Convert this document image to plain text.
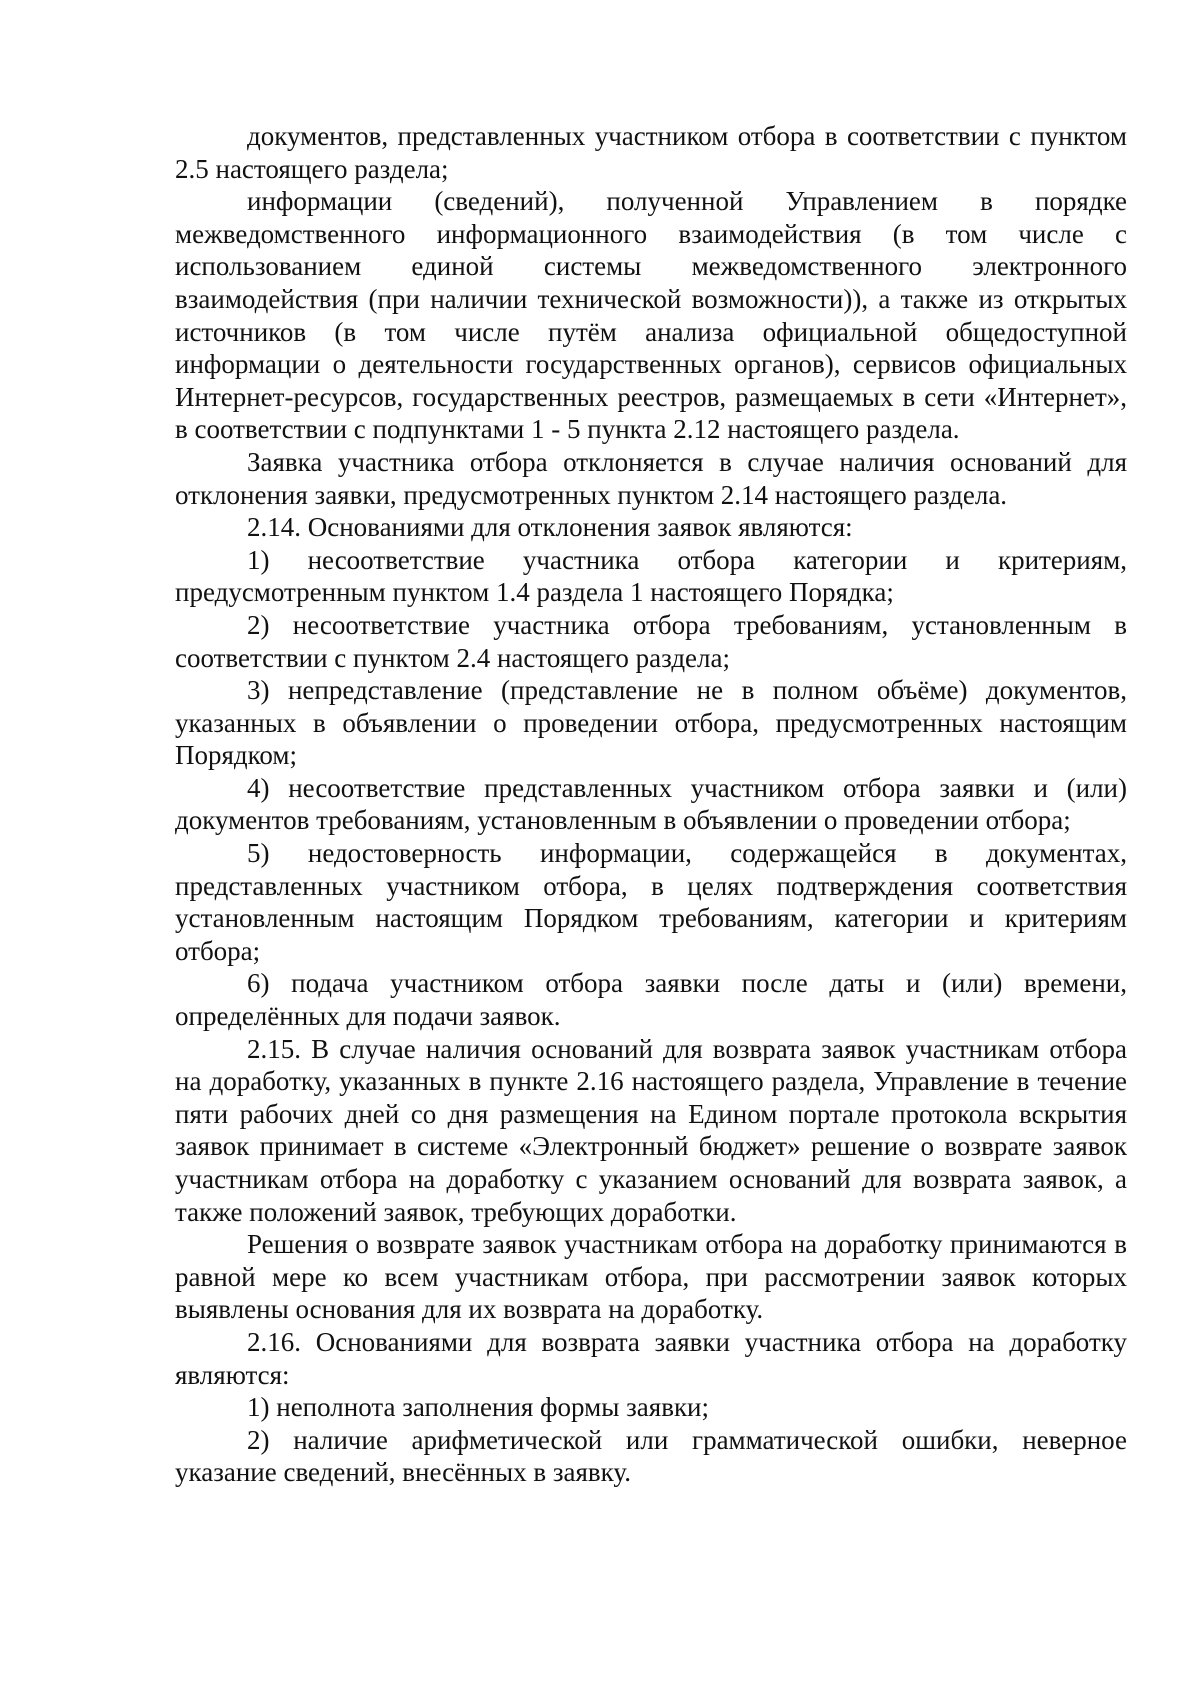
документов, представленных участником отбора в соответствии с пунктом 2.5 настоящего раздела;

информации (сведений), полученной Управлением в порядке межведомственного информационного взаимодействия (в том числе с использованием единой системы межведомственного электронного взаимодействия (при наличии технической возможности)), а также из открытых источников (в том числе путём анализа официальной общедоступной информации о деятельности государственных органов), сервисов официальных Интернет-ресурсов, государственных реестров, размещаемых в сети «Интернет», в соответствии с подпунктами 1 - 5 пункта 2.12 настоящего раздела.

Заявка участника отбора отклоняется в случае наличия оснований для отклонения заявки, предусмотренных пунктом 2.14 настоящего раздела.

2.14. Основаниями для отклонения заявок являются:

1) несоответствие участника отбора категории и критериям, предусмотренным пунктом 1.4 раздела 1 настоящего Порядка;

2) несоответствие участника отбора требованиям, установленным в соответствии с пунктом 2.4 настоящего раздела;

3) непредставление (представление не в полном объёме) документов, указанных в объявлении о проведении отбора, предусмотренных настоящим Порядком;

4) несоответствие представленных участником отбора заявки и (или) документов требованиям, установленным в объявлении о проведении отбора;

5) недостоверность информации, содержащейся в документах, представленных участником отбора, в целях подтверждения соответствия установленным настоящим Порядком требованиям, категории и критериям отбора;

6) подача участником отбора заявки после даты и (или) времени, определённых для подачи заявок.

2.15. В случае наличия оснований для возврата заявок участникам отбора на доработку, указанных в пункте 2.16 настоящего раздела, Управление в течение пяти рабочих дней со дня размещения на Едином портале протокола вскрытия заявок принимает в системе «Электронный бюджет» решение о возврате заявок участникам отбора на доработку с указанием оснований для возврата заявок, а также положений заявок, требующих доработки.

Решения о возврате заявок участникам отбора на доработку принимаются в равной мере ко всем участникам отбора, при рассмотрении заявок которых выявлены основания для их возврата на доработку.

2.16. Основаниями для возврата заявки участника отбора на доработку являются:

1) неполнота заполнения формы заявки;

2) наличие арифметической или грамматической ошибки, неверное указание сведений, внесённых в заявку.
